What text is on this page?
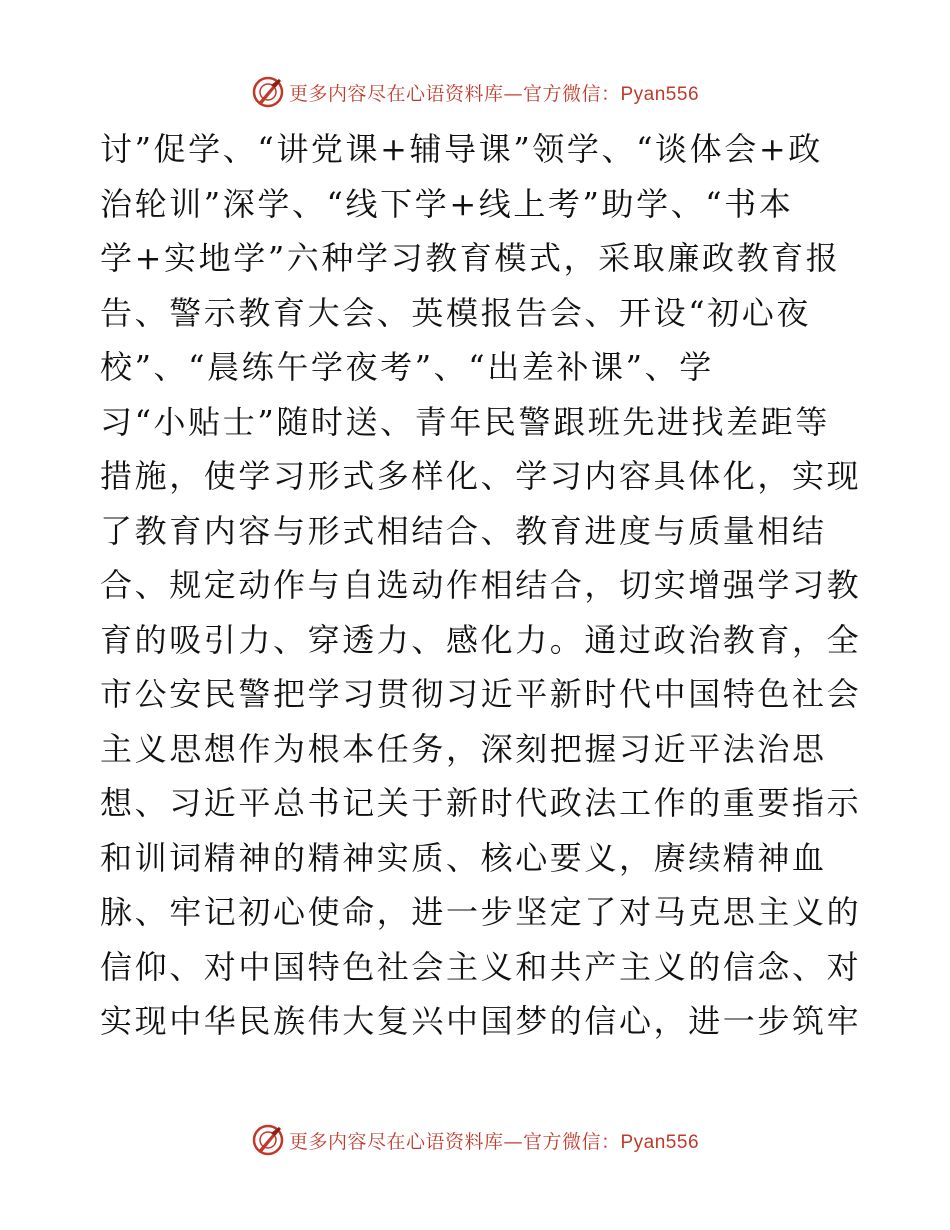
更多内容尽在心语资料库—官方微信：Pyan556
讨”促学、“讲党课+辅导课”领学、“谈体会+政
治轮训”深学、“线下学+线上考”助学、“书本
学+实地学”六种学习教育模式，采取廉政教育报
告、警示教育大会、英模报告会、开设“初心夜
校”、“晨练午学夜考”、“出差补课”、学
习“小贴士”随时送、青年民警跟班先进找差距等
措施，使学习形式多样化、学习内容具体化，实现
了教育内容与形式相结合、教育进度与质量相结
合、规定动作与自选动作相结合，切实增强学习教
育的吸引力、穿透力、感化力。通过政治教育，全
市公安民警把学习贯彻习近平新时代中国特色社会
主义思想作为根本任务，深刻把握习近平法治思
想、习近平总书记关于新时代政法工作的重要指示
和训词精神的精神实质、核心要义，赓续精神血
脉、牢记初心使命，进一步坚定了对马克思主义的
信仰、对中国特色社会主义和共产主义的信念、对
实现中华民族伟大复兴中国梦的信心，进一步筑牢
更多内容尽在心语资料库—官方微信：Pyan556
